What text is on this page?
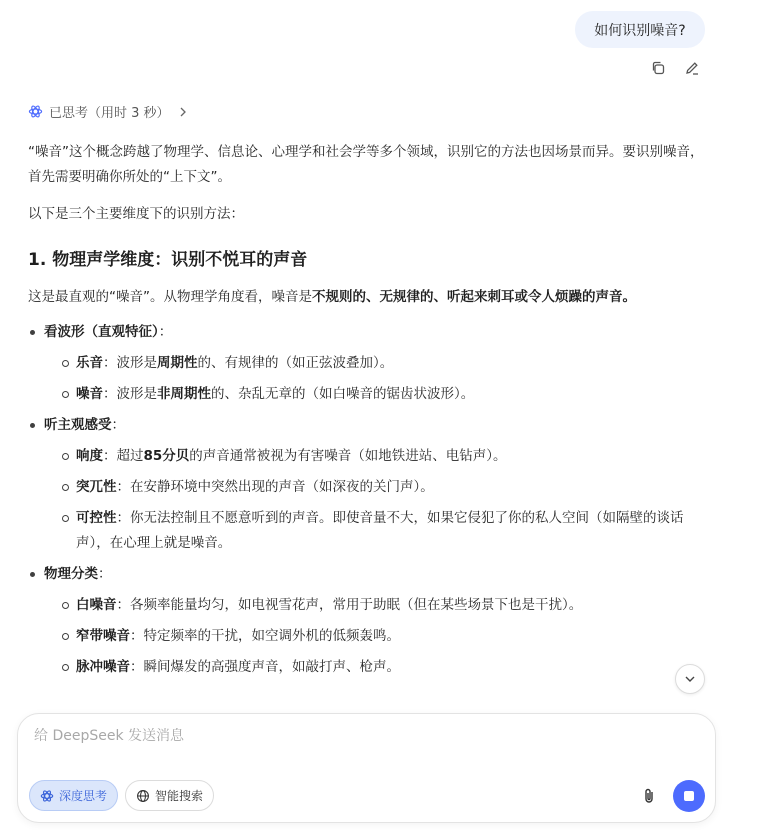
如何识别噪音?
已思考（用时 3 秒）

“噪音”这个概念跨越了物理学、信息论、心理学和社会学等多个领域，识别它的方法也因场景而异。要识别噪音，首先需要明确你所处的“上下文”。

以下是三个主要维度下的识别方法：

1. 物理声学维度：识别不悦耳的声音

这是最直观的“噪音”。从物理学角度看，噪音是不规则的、无规律的、听起来刺耳或令人烦躁的声音。

看波形（直观特征）：
乐音：波形是周期性的、有规律的（如正弦波叠加）。
噪音：波形是非周期性的、杂乱无章的（如白噪音的锯齿状波形）。
听主观感受：
响度：超过85分贝的声音通常被视为有害噪音（如地铁进站、电钻声）。
突兀性：在安静环境中突然出现的声音（如深夜的关门声）。
可控性：你无法控制且不愿意听到的声音。即使音量不大，如果它侵犯了你的私人空间（如隔壁的谈话声），在心理上就是噪音。
物理分类：
白噪音：各频率能量均匀，如电视雪花声，常用于助眠（但在某些场景下也是干扰）。
窄带噪音：特定频率的干扰，如空调外机的低频轰鸣。
脉冲噪音：瞬间爆发的高强度声音，如敲打声、枪声。
给 DeepSeek 发送消息
深度思考	智能搜索
